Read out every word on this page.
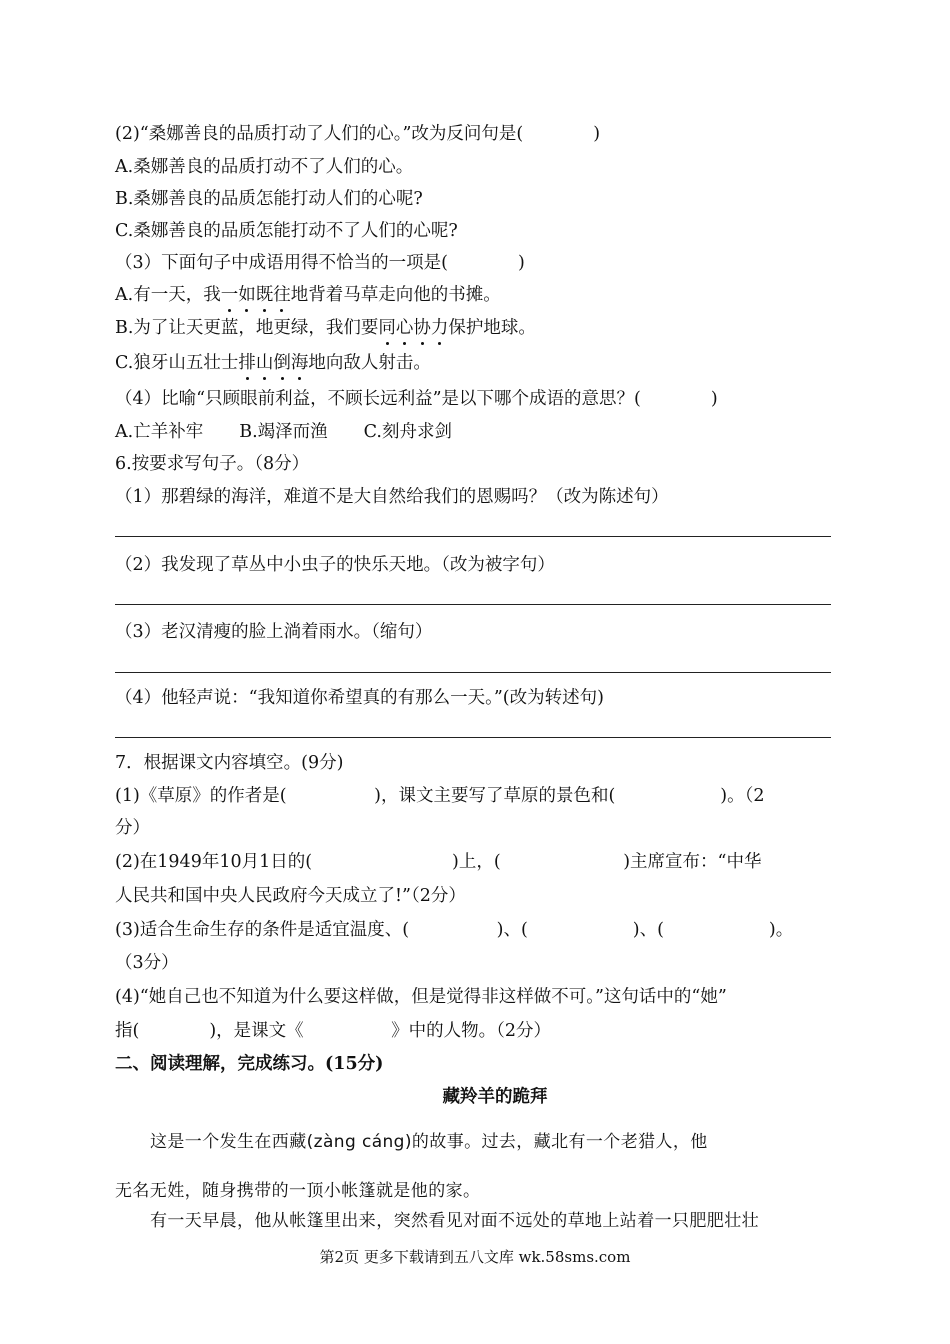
(2)“桑娜善良的品质打动了人们的心。”改为反问句是(　　　　)
A.桑娜善良的品质打动不了人们的心。
B.桑娜善良的品质怎能打动人们的心呢?
C.桑娜善良的品质怎能打动不了人们的心呢?
（3）下面句子中成语用得不恰当的一项是(　　　　)
A.有一天，我一如既往地背着马草走向他的书摊。
B.为了让天更蓝，地更绿，我们要同心协力保护地球。
C.狼牙山五壮士排山倒海地向敌人射击。
（4）比喻“只顾眼前利益，不顾长远利益”是以下哪个成语的意思？(　　　　)
A.亡羊补牢 B.竭泽而渔 C.刻舟求剑
6.按要求写句子。（8分）
（1）那碧绿的海洋，难道不是大自然给我们的恩赐吗？（改为陈述句）
（2）我发现了草丛中小虫子的快乐天地。（改为被字句）
（3）老汉清瘦的脸上淌着雨水。（缩句）
（4）他轻声说：“我知道你希望真的有那么一天。”(改为转述句)
7．根据课文内容填空。(9分)
(1)《草原》的作者是(　　　　　)，课文主要写了草原的景色和(　　　　　　)。（2
分）
(2)在1949年10月1日的(　　　　　　　　)上，(　　　　　　　)主席宣布：“中华
人民共和国中央人民政府今天成立了!”（2分）
(3)适合生命生存的条件是适宜温度、(　　　　　)、(　　　　　　)、(　　　　　　)。
（3分）
(4)“她自己也不知道为什么要这样做，但是觉得非这样做不可。”这句话中的“她”
指(　　　　)，是课文《　　　　　》中的人物。（2分）
二、阅读理解，完成练习。(15分)
藏羚羊的跪拜
这是一个发生在西藏(zàng cáng)的故事。过去，藏北有一个老猎人，他
无名无姓，随身携带的一顶小帐篷就是他的家。
有一天早晨，他从帐篷里出来，突然看见对面不远处的草地上站着一只肥肥壮壮
第2页 更多下载请到五八文库 wk.58sms.com
